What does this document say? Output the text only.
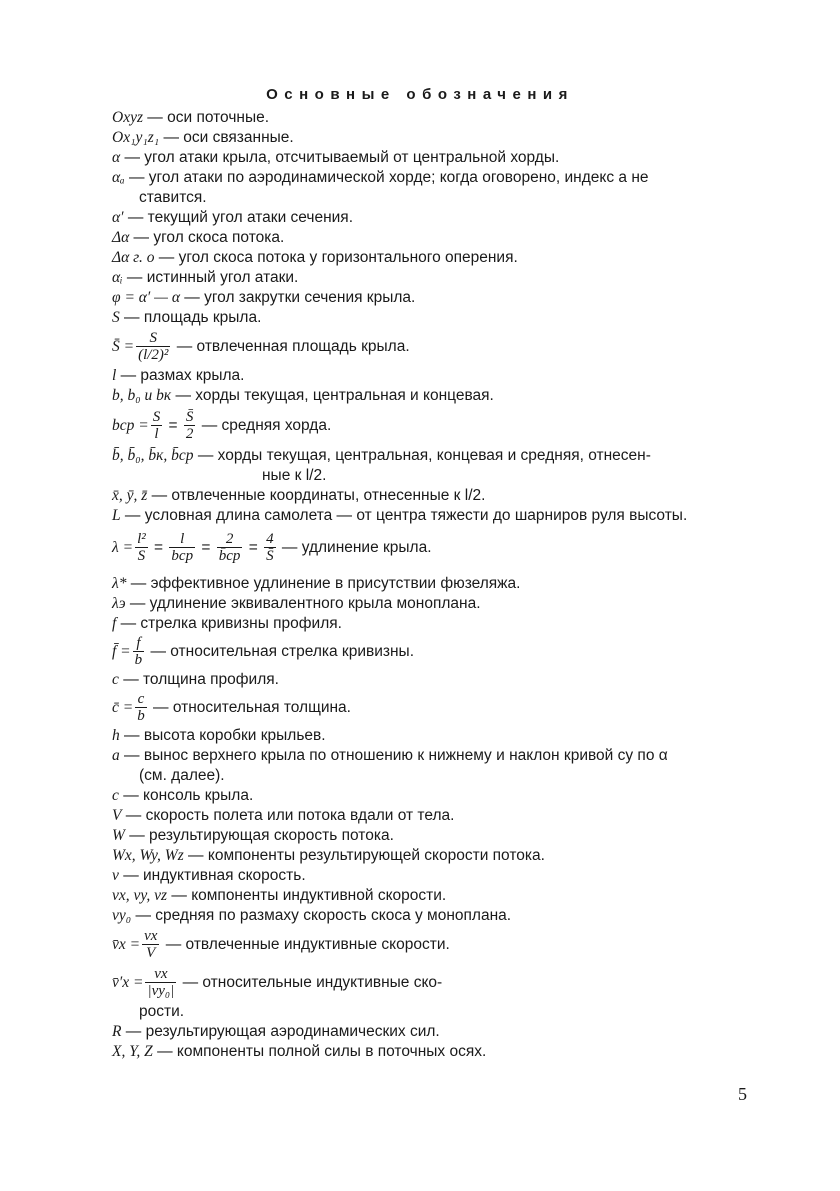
Основные обозначения

Oxyz — оси поточные.

Ox₁y₁z₁ — оси связанные.

α — угол атаки крыла, отсчитываемый от центральной хорды.

αₐ — угол атаки по аэродинамической хорде; когда оговорено, индекс a не

ставится.

α′ — текущий угол атаки сечения.

Δα — угол скоса потока.

Δα г. о — угол скоса потока у горизонтального оперения.

αᵢ — истинный угол атаки.

φ = α′ — α — угол закрутки сечения крыла.

S — площадь крыла.

S̄ = $\frac{S}{\text{(l/2)²}}$ — отвлеченная площадь крыла.

l — размах крыла.

b, b₀ и bк — хорды текущая, центральная и концевая.

bср = $\frac{S}{l} = \frac{S̄}{2}$ — средняя хорда.

b̄, b̄₀, b̄к, b̄ср — хорды текущая, центральная, концевая и средняя, отнесен-

ные к l/2.

x̄, ȳ, z̄ — отвлеченные координаты, отнесенные к l/2.

L — условная длина самолета — от центра тяжести до шарниров руля высоты.

$\lambda = \frac{\text{l²}}{S} = \frac{l}{\text{bср}} = \frac{2}{b̄ср} = \frac{4}{S̄}$ — удлинение крыла.

λ* — эффективное удлинение в присутствии фюзеляжа.

λэ — удлинение эквивалентного крыла моноплана.

f — стрелка кривизны профиля.

f̄ = $\frac{f}{b}$ — относительная стрелка кривизны.

c — толщина профиля.

c̄ = $\frac{c}{b}$ — относительная толщина.

h — высота коробки крыльев.

a — вынос верхнего крыла по отношению к нижнему и наклон кривой cy по α

(см. далее).

c — консоль крыла.

V — скорость полета или потока вдали от тела.

W — результирующая скорость потока.

Wx, Wy, Wz — компоненты результирующей скорости потока.

v — индуктивная скорость.

vx, vy, vz — компоненты индуктивной скорости.

vy₀ — средняя по размаху скорость скоса у моноплана.

v̄x = $\frac{vx}{V}$ — отвлеченные индуктивные скорости.

v̄′x = $\frac{vx}{\text{|vy₀|}}$ — относительные индуктивные ско-

рости.

R — результирующая аэродинамических сил.

X, Y, Z — компоненты полной силы в поточных осях.

5
